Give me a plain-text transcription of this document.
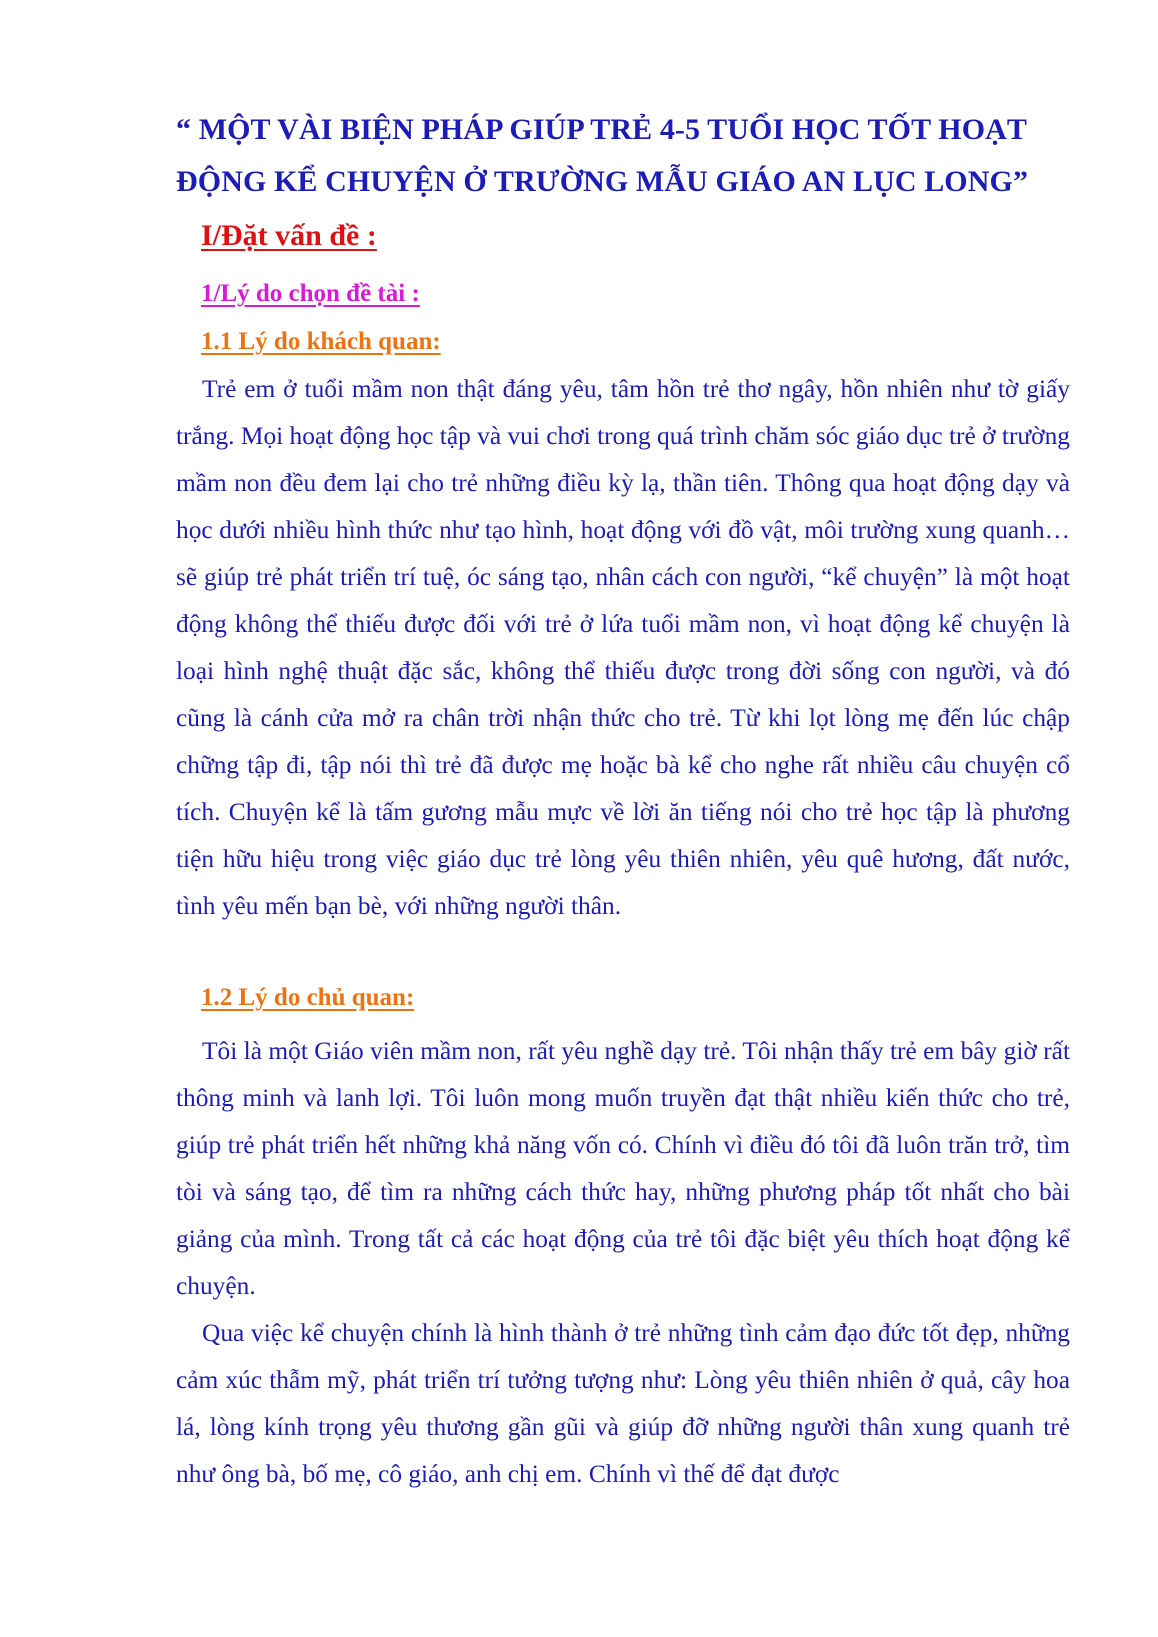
“ MỘT VÀI BIỆN PHÁP GIÚP TRẺ 4-5 TUỔI HỌC TỐT HOẠT
ĐỘNG KỂ CHUYỆN Ở TRƯỜNG MẪU GIÁO AN LỤC LONG”
I/Đặt vấn đề :
1/Lý do chọn đề tài :
1.1 Lý do khách quan:

Trẻ em ở tuổi mầm non thật đáng yêu, tâm hồn trẻ thơ ngây, hồn nhiên như tờ giấy trắng. Mọi hoạt động học tập và vui chơi trong quá trình chăm sóc giáo dục trẻ ở trường mầm non đều đem lại cho trẻ những điều kỳ lạ, thần tiên. Thông qua hoạt động dạy và học dưới nhiều hình thức như tạo hình, hoạt động với đồ vật, môi trường xung quanh… sẽ giúp trẻ phát triển trí tuệ, óc sáng tạo, nhân cách con người, “kể chuyện” là một hoạt động không thể thiếu được đối với trẻ ở lứa tuổi mầm non, vì hoạt động kể chuyện là loại hình nghệ thuật đặc sắc, không thể thiếu được trong đời sống con người, và đó cũng là cánh cửa mở ra chân trời nhận thức cho trẻ. Từ khi lọt lòng mẹ đến lúc chập chững tập đi, tập nói thì trẻ đã được mẹ hoặc bà kể cho nghe rất nhiều câu chuyện cổ tích. Chuyện kể là tấm gương mẫu mực về lời ăn tiếng nói cho trẻ học tập là phương tiện hữu hiệu trong việc giáo dục trẻ lòng yêu thiên nhiên, yêu quê hương, đất nước, tình yêu mến bạn bè, với những người thân.

1.2 Lý do chủ quan:

Tôi là một Giáo viên mầm non, rất yêu nghề dạy trẻ. Tôi nhận thấy trẻ em bây giờ rất thông minh và lanh lợi. Tôi luôn mong muốn truyền đạt thật nhiều kiến thức cho trẻ, giúp trẻ phát triển hết những khả năng vốn có. Chính vì điều đó tôi đã luôn trăn trở, tìm tòi và sáng tạo, để tìm ra những cách thức hay, những phương pháp tốt nhất cho bài giảng của mình. Trong tất cả các hoạt động của trẻ tôi đặc biệt yêu thích hoạt động kể chuyện.

Qua việc kể chuyện chính là hình thành ở trẻ những tình cảm đạo đức tốt đẹp, những cảm xúc thẫm mỹ, phát triển trí tưởng tượng như: Lòng yêu thiên nhiên ở quả, cây hoa lá, lòng kính trọng yêu thương gần gũi và giúp đỡ những người thân xung quanh trẻ như ông bà, bố mẹ, cô giáo, anh chị em. Chính vì thế để đạt được
